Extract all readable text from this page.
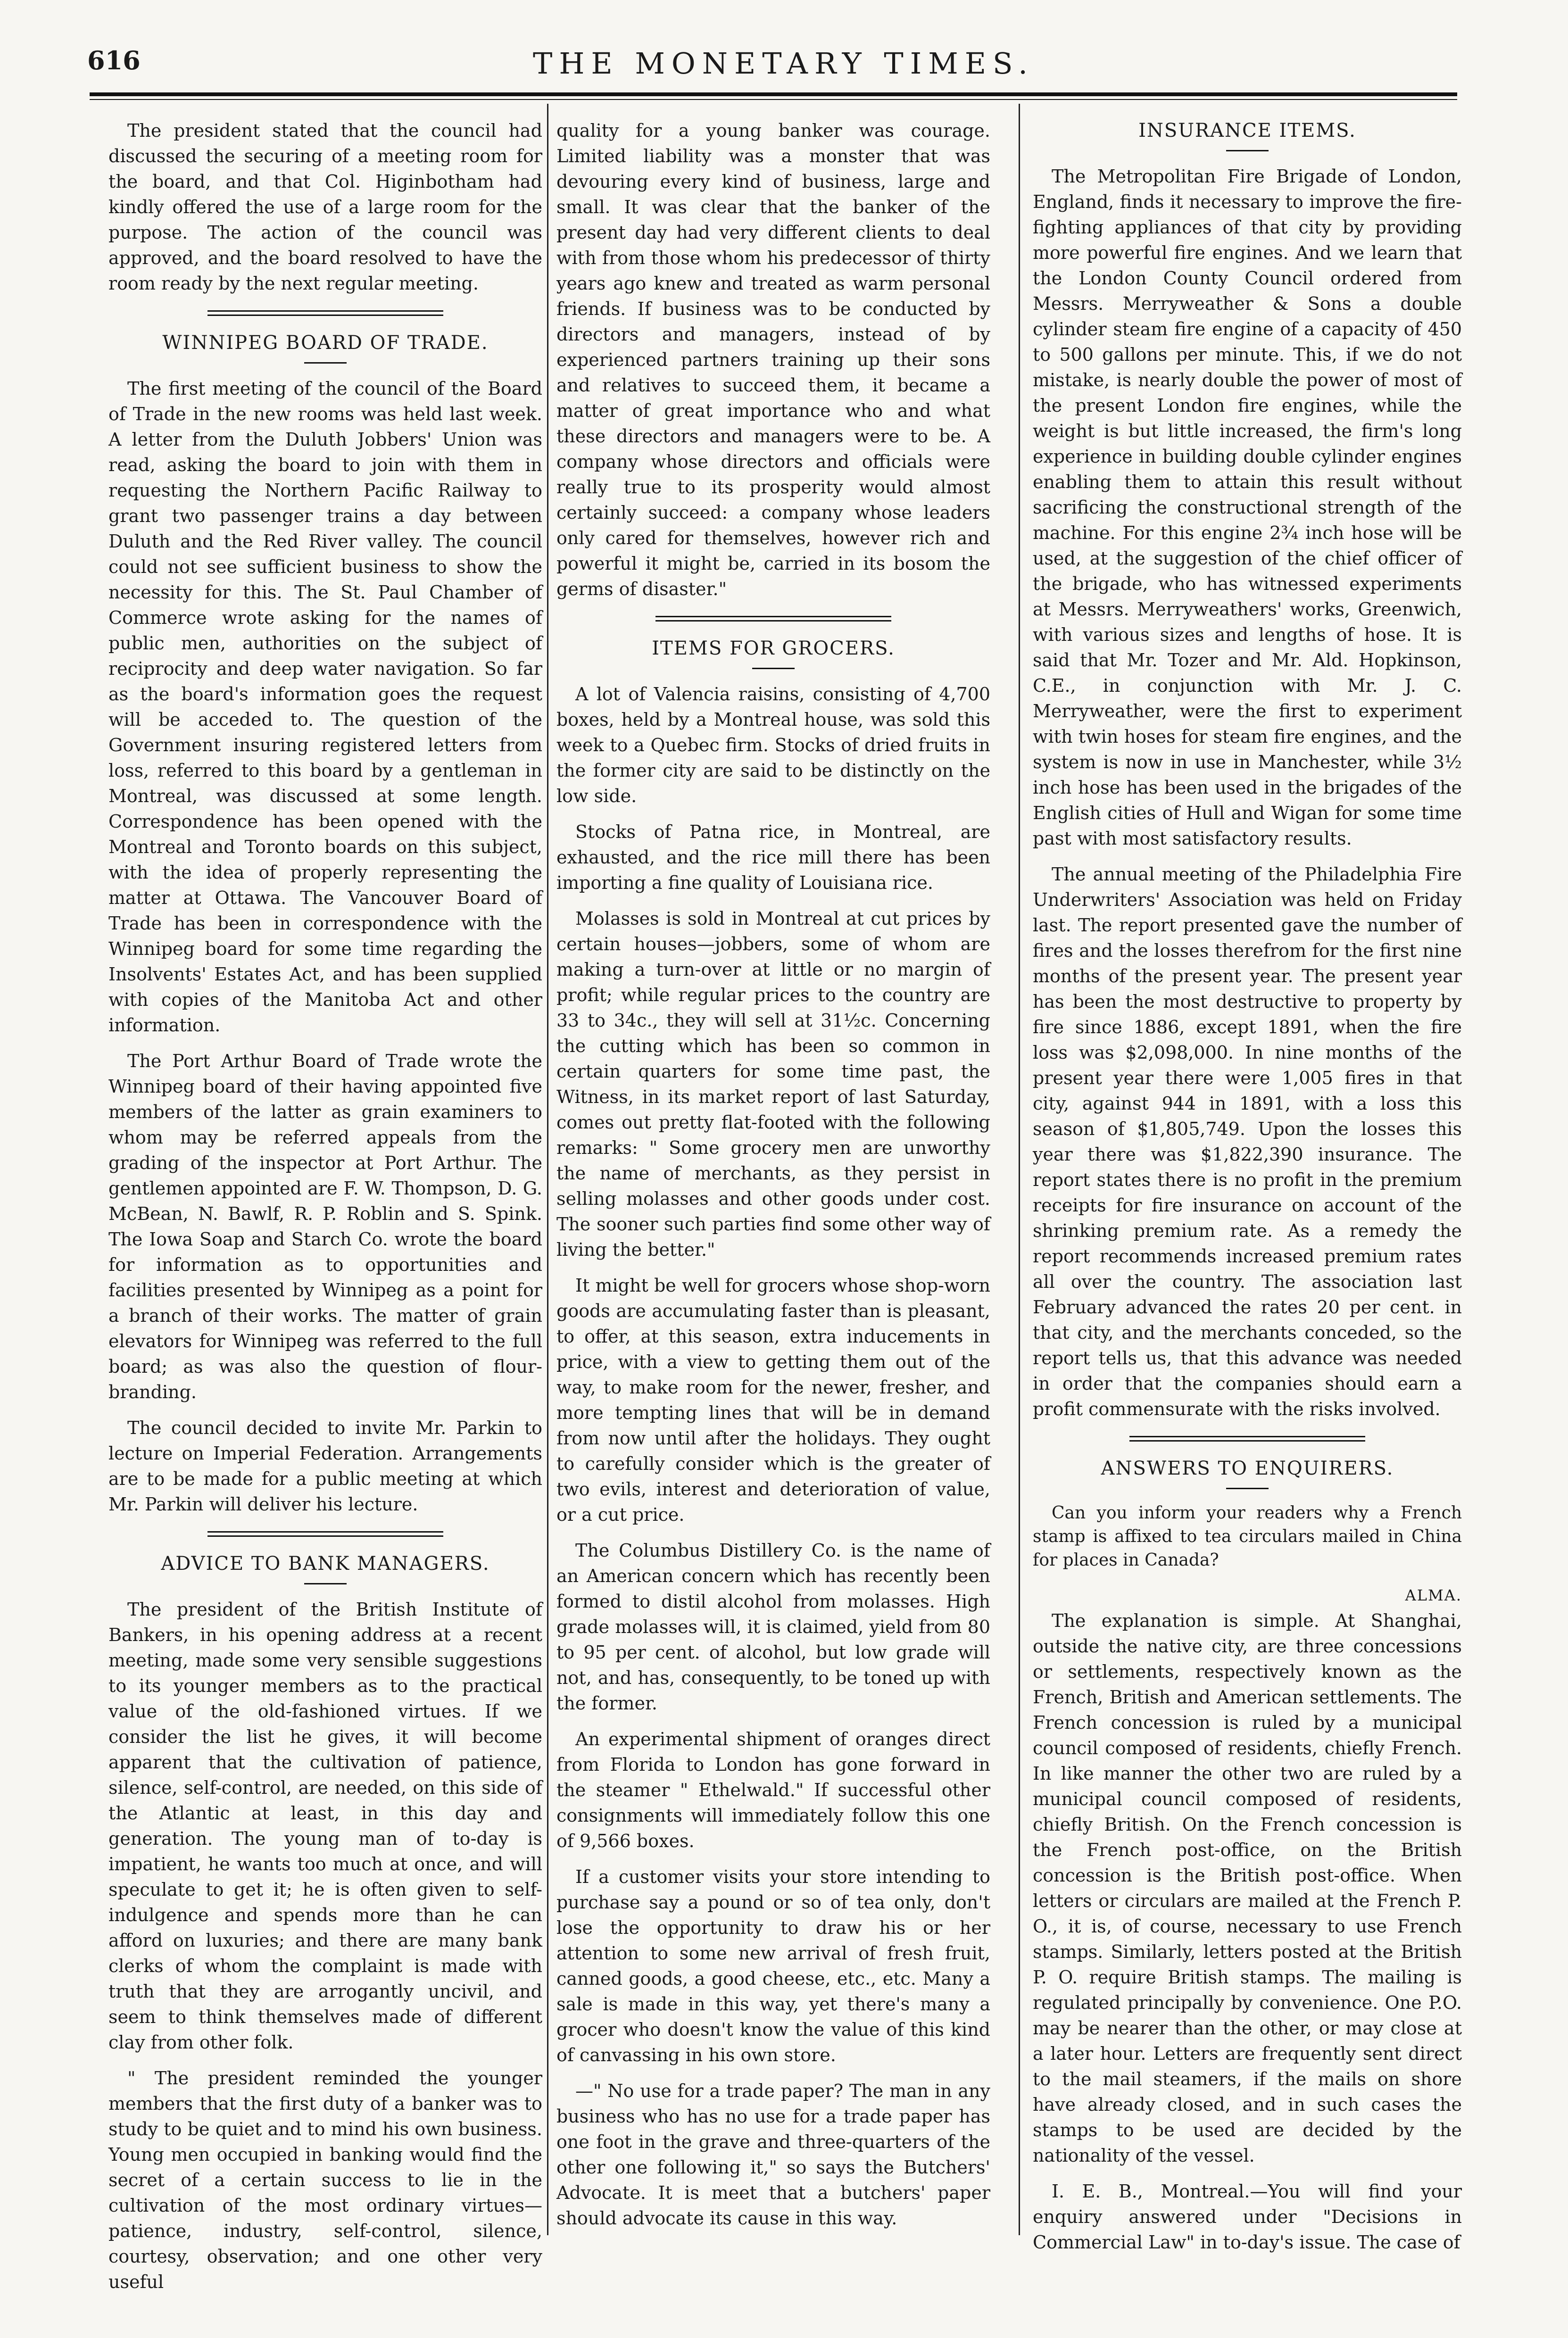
616	THE MONETARY TIMES.

The president stated that the council had discussed the securing of a meeting room for the board, and that Col. Higinbotham had kindly offered the use of a large room for the purpose. The action of the council was approved, and the board resolved to have the room ready by the next regular meeting.

WINNIPEG BOARD OF TRADE.

The first meeting of the council of the Board of Trade in the new rooms was held last week. A letter from the Duluth Jobbers' Union was read, asking the board to join with them in requesting the Northern Pacific Railway to grant two passenger trains a day between Duluth and the Red River valley. The council could not see sufficient business to show the necessity for this. The St. Paul Chamber of Commerce wrote asking for the names of public men, authorities on the subject of reciprocity and deep water navigation. So far as the board's information goes the request will be acceded to. The question of the Government insuring registered letters from loss, referred to this board by a gentleman in Montreal, was discussed at some length. Correspondence has been opened with the Montreal and Toronto boards on this subject, with the idea of properly representing the matter at Ottawa. The Vancouver Board of Trade has been in correspondence with the Winnipeg board for some time regarding the Insolvents' Estates Act, and has been supplied with copies of the Manitoba Act and other information.

The Port Arthur Board of Trade wrote the Winnipeg board of their having appointed five members of the latter as grain examiners to whom may be referred appeals from the grading of the inspector at Port Arthur. The gentlemen appointed are F. W. Thompson, D. G. McBean, N. Bawlf, R. P. Roblin and S. Spink. The Iowa Soap and Starch Co. wrote the board for information as to opportunities and facilities presented by Winnipeg as a point for a branch of their works. The matter of grain elevators for Winnipeg was referred to the full board; as was also the question of flour-branding.

The council decided to invite Mr. Parkin to lecture on Imperial Federation. Arrangements are to be made for a public meeting at which Mr. Parkin will deliver his lecture.

ADVICE TO BANK MANAGERS.

The president of the British Institute of Bankers, in his opening address at a recent meeting, made some very sensible suggestions to its younger members as to the practical value of the old-fashioned virtues. If we consider the list he gives, it will become apparent that the cultivation of patience, silence, self-control, are needed, on this side of the Atlantic at least, in this day and generation. The young man of to-day is impatient, he wants too much at once, and will speculate to get it; he is often given to self-indulgence and spends more than he can afford on luxuries; and there are many bank clerks of whom the complaint is made with truth that they are arrogantly uncivil, and seem to think themselves made of different clay from other folk.

" The president reminded the younger members that the first duty of a banker was to study to be quiet and to mind his own business. Young men occupied in banking would find the secret of a certain success to lie in the cultivation of the most ordinary virtues—patience, industry, self-control, silence, courtesy, observation; and one other very useful

quality for a young banker was courage. Limited liability was a monster that was devouring every kind of business, large and small. It was clear that the banker of the present day had very different clients to deal with from those whom his predecessor of thirty years ago knew and treated as warm personal friends. If business was to be conducted by directors and managers, instead of by experienced partners training up their sons and relatives to succeed them, it became a matter of great importance who and what these directors and managers were to be. A company whose directors and officials were really true to its prosperity would almost certainly succeed: a company whose leaders only cared for themselves, however rich and powerful it might be, carried in its bosom the germs of disaster."

ITEMS FOR GROCERS.

A lot of Valencia raisins, consisting of 4,700 boxes, held by a Montreal house, was sold this week to a Quebec firm. Stocks of dried fruits in the former city are said to be distinctly on the low side.

Stocks of Patna rice, in Montreal, are exhausted, and the rice mill there has been importing a fine quality of Louisiana rice.

Molasses is sold in Montreal at cut prices by certain houses—jobbers, some of whom are making a turn-over at little or no margin of profit; while regular prices to the country are 33 to 34c., they will sell at 31½c. Concerning the cutting which has been so common in certain quarters for some time past, the Witness, in its market report of last Saturday, comes out pretty flat-footed with the following remarks: " Some grocery men are unworthy the name of merchants, as they persist in selling molasses and other goods under cost. The sooner such parties find some other way of living the better."

It might be well for grocers whose shop-worn goods are accumulating faster than is pleasant, to offer, at this season, extra inducements in price, with a view to getting them out of the way, to make room for the newer, fresher, and more tempting lines that will be in demand from now until after the holidays. They ought to carefully consider which is the greater of two evils, interest and deterioration of value, or a cut price.

The Columbus Distillery Co. is the name of an American concern which has recently been formed to distil alcohol from molasses. High grade molasses will, it is claimed, yield from 80 to 95 per cent. of alcohol, but low grade will not, and has, consequently, to be toned up with the former.

An experimental shipment of oranges direct from Florida to London has gone forward in the steamer " Ethelwald." If successful other consignments will immediately follow this one of 9,566 boxes.

If a customer visits your store intending to purchase say a pound or so of tea only, don't lose the opportunity to draw his or her attention to some new arrival of fresh fruit, canned goods, a good cheese, etc., etc. Many a sale is made in this way, yet there's many a grocer who doesn't know the value of this kind of canvassing in his own store.

—" No use for a trade paper? The man in any business who has no use for a trade paper has one foot in the grave and three-quarters of the other one following it," so says the Butchers' Advocate. It is meet that a butchers' paper should advocate its cause in this way.

INSURANCE ITEMS.

The Metropolitan Fire Brigade of London, England, finds it necessary to improve the fire-fighting appliances of that city by providing more powerful fire engines. And we learn that the London County Council ordered from Messrs. Merryweather & Sons a double cylinder steam fire engine of a capacity of 450 to 500 gallons per minute. This, if we do not mistake, is nearly double the power of most of the present London fire engines, while the weight is but little increased, the firm's long experience in building double cylinder engines enabling them to attain this result without sacrificing the constructional strength of the machine. For this engine 2¾ inch hose will be used, at the suggestion of the chief officer of the brigade, who has witnessed experiments at Messrs. Merryweathers' works, Greenwich, with various sizes and lengths of hose. It is said that Mr. Tozer and Mr. Ald. Hopkinson, C.E., in conjunction with Mr. J. C. Merryweather, were the first to experiment with twin hoses for steam fire engines, and the system is now in use in Manchester, while 3½ inch hose has been used in the brigades of the English cities of Hull and Wigan for some time past with most satisfactory results.

The annual meeting of the Philadelphia Fire Underwriters' Association was held on Friday last. The report presented gave the number of fires and the losses therefrom for the first nine months of the present year. The present year has been the most destructive to property by fire since 1886, except 1891, when the fire loss was $2,098,000. In nine months of the present year there were 1,005 fires in that city, against 944 in 1891, with a loss this season of $1,805,749. Upon the losses this year there was $1,822,390 insurance. The report states there is no profit in the premium receipts for fire insurance on account of the shrinking premium rate. As a remedy the report recommends increased premium rates all over the country. The association last February advanced the rates 20 per cent. in that city, and the merchants conceded, so the report tells us, that this advance was needed in order that the companies should earn a profit commensurate with the risks involved.

ANSWERS TO ENQUIRERS.

Can you inform your readers why a French stamp is affixed to tea circulars mailed in China for places in Canada?

ALMA.

The explanation is simple. At Shanghai, outside the native city, are three concessions or settlements, respectively known as the French, British and American settlements. The French concession is ruled by a municipal council composed of residents, chiefly French. In like manner the other two are ruled by a municipal council composed of residents, chiefly British. On the French concession is the French post-office, on the British concession is the British post-office. When letters or circulars are mailed at the French P. O., it is, of course, necessary to use French stamps. Similarly, letters posted at the British P. O. require British stamps. The mailing is regulated principally by convenience. One P.O. may be nearer than the other, or may close at a later hour. Letters are frequently sent direct to the mail steamers, if the mails on shore have already closed, and in such cases the stamps to be used are decided by the nationality of the vessel.

I. E. B., Montreal.—You will find your enquiry answered under "Decisions in Commercial Law" in to-day's issue. The case of
